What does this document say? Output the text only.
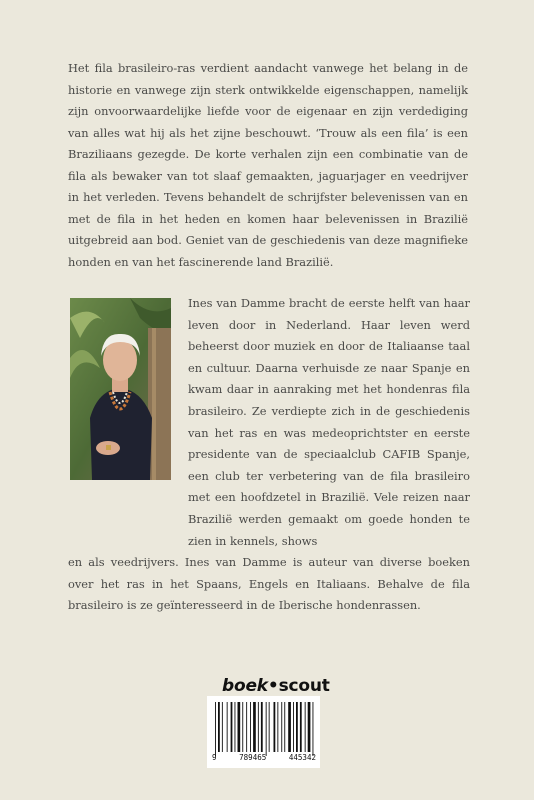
Het fila brasileiro-ras verdient aandacht vanwege het belang in de historie en vanwege zijn sterk ontwikkelde eigenschappen, namelijk zijn onvoorwaardelijke liefde voor de eigenaar en zijn verdediging van alles wat hij als het zijne beschouwt. ‘Trouw als een fila’ is een Braziliaans gezegde. De korte verhalen zijn een combinatie van de fila als bewaker van tot slaaf gemaakten, jaguarjager en veedrijver in het verleden. Tevens behandelt de schrijfster belevenissen van en met de fila in het heden en komen haar belevenissen in Brazilië uitgebreid aan bod. Geniet van de geschiedenis van deze magnifieke honden en van het fascinerende land Brazilië.

Ines van Damme bracht de eerste helft van haar leven door in Nederland. Haar leven werd beheerst door muziek en door de Italiaanse taal en cultuur. Daarna verhuisde ze naar Spanje en kwam daar in aanraking met het hondenras fila brasileiro. Ze verdiepte zich in de geschiedenis van het ras en was medeoprichtster en eerste presidente van de speciaalclub CAFIB Spanje, een club ter verbetering van de fila brasileiro met een hoofdzetel in Brazilië. Vele reizen naar Brazilië werden gemaakt om goede honden te zien in kennels, shows
en als veedrijvers. Ines van Damme is auteur van diverse boeken over het ras in het Spaans, Engels en Italiaans. Behalve de fila brasileiro is ze geïnteresseerd in de Iberische hondenrassen.

boek•scout
9	789465	445342
